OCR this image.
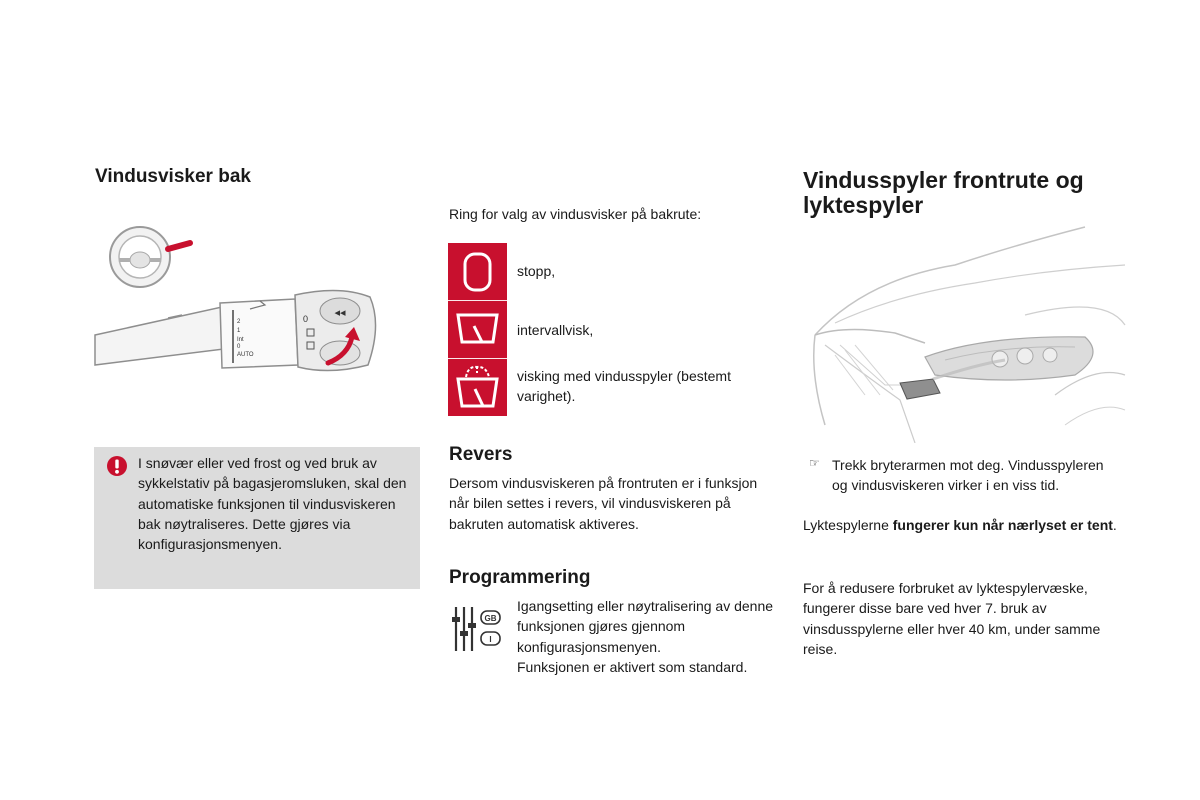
Vindusvisker bak
2
1
Int
0
AUTO
◂◂
0
I snøvær eller ved frost og ved bruk av sykkelstativ på bagasjeromsluken, skal den automatiske funksjonen til vindusviskeren bak nøytraliseres. Dette gjøres via konfigurasjonsmenyen.
Ring for valg av vindusvisker på bakrute:
stopp,
intervallvisk,
visking med vindusspyler (bestemt varighet).
Revers
Dersom vindusviskeren på frontruten er i funksjon når bilen settes i revers, vil vindusviskeren på bakruten automatisk aktiveres.
Programmering
GB
I
Igangsetting eller nøytralisering av denne funksjonen gjøres gjennom konfigurasjonsmenyen.
Funksjonen er aktivert som standard.
Vindusspyler frontrute og lyktespyler
☞ Trekk bryterarmen mot deg. Vindusspyleren og vindusviskeren virker i en viss tid.
Lyktespylerne fungerer kun når nærlyset er tent.
For å redusere forbruket av lyktespylervæske, fungerer disse bare ved hver 7. bruk av vinsdusspylerne eller hver 40 km, under samme reise.
